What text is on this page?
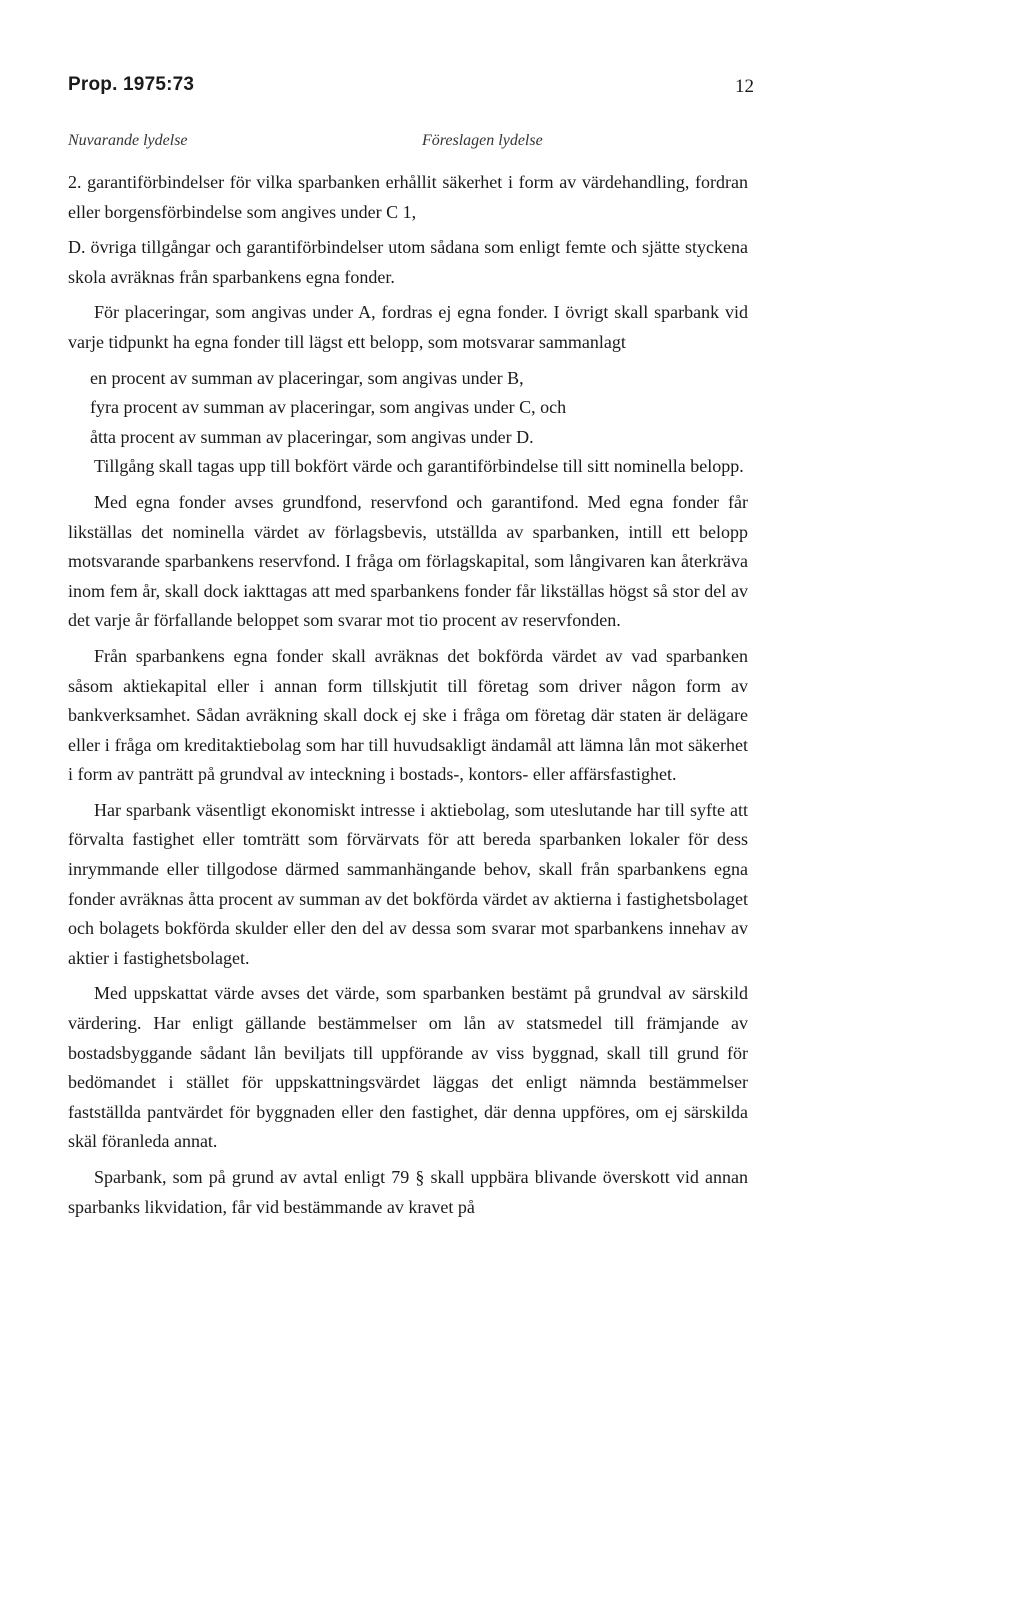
Prop. 1975:73	12
Nuvarande lydelse	Föreslagen lydelse

2. garantiförbindelser för vilka sparbanken erhållit säkerhet i form av värdehandling, fordran eller borgensförbindelse som angives under C 1,

D. övriga tillgångar och garantiförbindelser utom sådana som enligt femte och sjätte styckena skola avräknas från sparbankens egna fonder.

För placeringar, som angivas under A, fordras ej egna fonder. I övrigt skall sparbank vid varje tidpunkt ha egna fonder till lägst ett belopp, som motsvarar sammanlagt

en procent av summan av placeringar, som angivas under B,

fyra procent av summan av placeringar, som angivas under C, och

åtta procent av summan av placeringar, som angivas under D.

Tillgång skall tagas upp till bokfört värde och garantiförbindelse till sitt nominella belopp.

Med egna fonder avses grundfond, reservfond och garantifond. Med egna fonder får likställas det nominella värdet av förlagsbevis, utställda av sparbanken, intill ett belopp motsvarande sparbankens reservfond. I fråga om förlagskapital, som långivaren kan återkräva inom fem år, skall dock iakttagas att med sparbankens fonder får likställas högst så stor del av det varje år förfallande beloppet som svarar mot tio procent av reservfonden.

Från sparbankens egna fonder skall avräknas det bokförda värdet av vad sparbanken såsom aktiekapital eller i annan form tillskjutit till företag som driver någon form av bankverksamhet. Sådan avräkning skall dock ej ske i fråga om företag där staten är delägare eller i fråga om kreditaktiebolag som har till huvudsakligt ändamål att lämna lån mot säkerhet i form av panträtt på grundval av inteckning i bostads-, kontors- eller affärsfastighet.

Har sparbank väsentligt ekonomiskt intresse i aktiebolag, som uteslutande har till syfte att förvalta fastighet eller tomträtt som förvärvats för att bereda sparbanken lokaler för dess inrymmande eller tillgodose därmed sammanhängande behov, skall från sparbankens egna fonder avräknas åtta procent av summan av det bokförda värdet av aktierna i fastighetsbolaget och bolagets bokförda skulder eller den del av dessa som svarar mot sparbankens innehav av aktier i fastighetsbolaget.

Med uppskattat värde avses det värde, som sparbanken bestämt på grundval av särskild värdering. Har enligt gällande bestämmelser om lån av statsmedel till främjande av bostadsbyggande sådant lån beviljats till uppförande av viss byggnad, skall till grund för bedömandet i stället för uppskattningsvärdet läggas det enligt nämnda bestämmelser fastställda pantvärdet för byggnaden eller den fastighet, där denna uppföres, om ej särskilda skäl föranleda annat.

Sparbank, som på grund av avtal enligt 79 § skall uppbära blivande överskott vid annan sparbanks likvidation, får vid bestämmande av kravet på
